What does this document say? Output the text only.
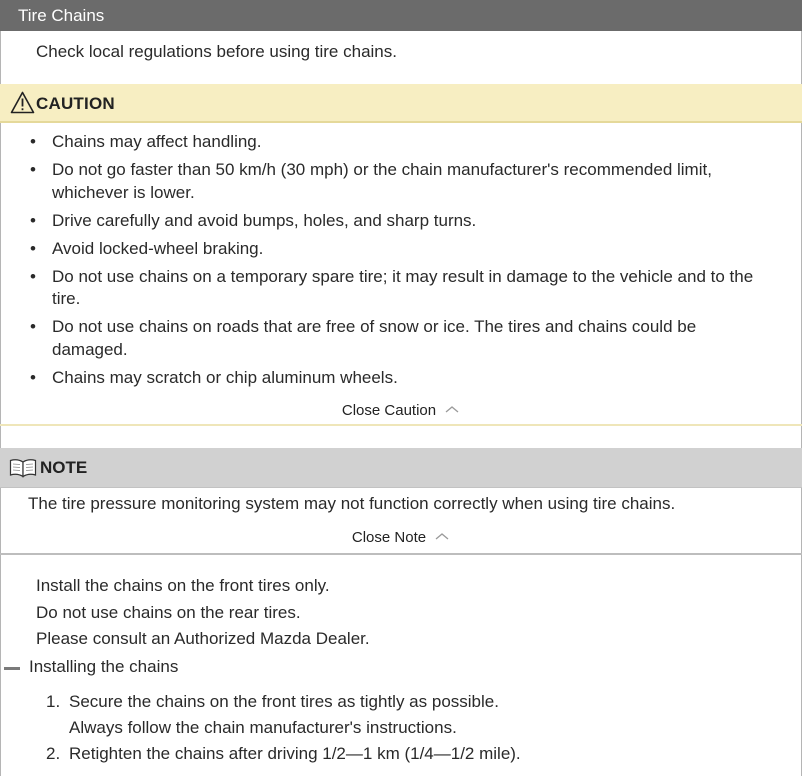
Tire Chains
Check local regulations before using tire chains.
CAUTION
• Chains may affect handling.
• Do not go faster than 50 km/h (30 mph) or the chain manufacturer's recommended limit, whichever is lower.
• Drive carefully and avoid bumps, holes, and sharp turns.
• Avoid locked-wheel braking.
• Do not use chains on a temporary spare tire; it may result in damage to the vehicle and to the tire.
• Do not use chains on roads that are free of snow or ice. The tires and chains could be damaged.
• Chains may scratch or chip aluminum wheels.
Close Caution
NOTE
The tire pressure monitoring system may not function correctly when using tire chains.
Close Note
Install the chains on the front tires only.
Do not use chains on the rear tires.
Please consult an Authorized Mazda Dealer.
Installing the chains
1. Secure the chains on the front tires as tightly as possible.
Always follow the chain manufacturer's instructions.
2. Retighten the chains after driving 1/2—1 km (1/4—1/2 mile).
